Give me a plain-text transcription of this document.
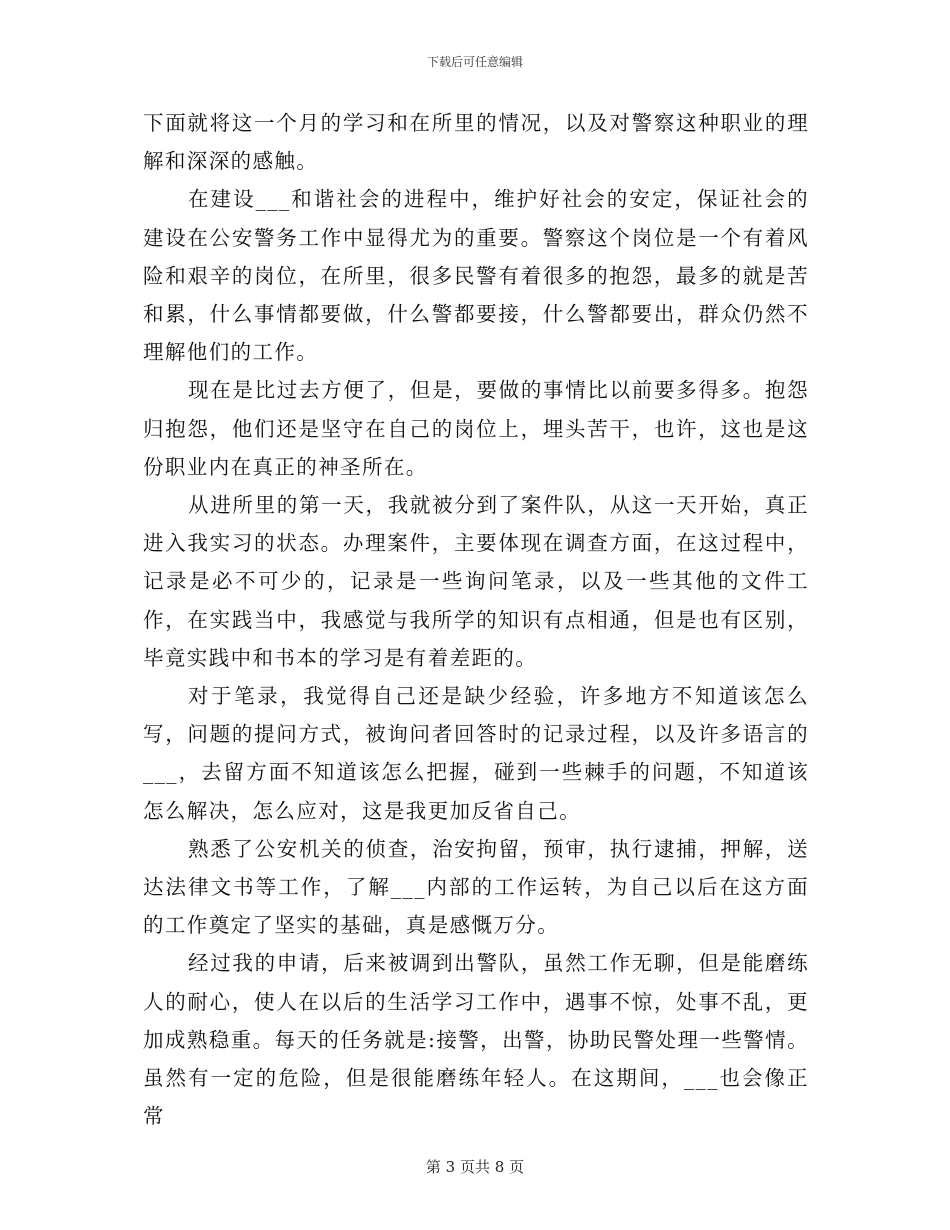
下载后可任意编辑

下面就将这一个月的学习和在所里的情况，以及对警察这种职业的理解和深深的感触。

在建设___和谐社会的进程中，维护好社会的安定，保证社会的建设在公安警务工作中显得尤为的重要。警察这个岗位是一个有着风险和艰辛的岗位，在所里，很多民警有着很多的抱怨，最多的就是苦和累，什么事情都要做，什么警都要接，什么警都要出，群众仍然不理解他们的工作。

现在是比过去方便了，但是，要做的事情比以前要多得多。抱怨归抱怨，他们还是坚守在自己的岗位上，埋头苦干，也许，这也是这份职业内在真正的神圣所在。

从进所里的第一天，我就被分到了案件队，从这一天开始，真正进入我实习的状态。办理案件，主要体现在调查方面，在这过程中，记录是必不可少的，记录是一些询问笔录，以及一些其他的文件工作，在实践当中，我感觉与我所学的知识有点相通，但是也有区别，毕竟实践中和书本的学习是有着差距的。

对于笔录，我觉得自己还是缺少经验，许多地方不知道该怎么写，问题的提问方式，被询问者回答时的记录过程，以及许多语言的___，去留方面不知道该怎么把握，碰到一些棘手的问题，不知道该怎么解决，怎么应对，这是我更加反省自己。

熟悉了公安机关的侦查，治安拘留，预审，执行逮捕，押解，送达法律文书等工作，了解___内部的工作运转，为自己以后在这方面的工作奠定了坚实的基础，真是感慨万分。

经过我的申请，后来被调到出警队，虽然工作无聊，但是能磨练人的耐心，使人在以后的生活学习工作中，遇事不惊，处事不乱，更加成熟稳重。每天的任务就是:接警，出警，协助民警处理一些警情。虽然有一定的危险，但是很能磨练年轻人。在这期间，___也会像正常

第 3 页共 8 页
